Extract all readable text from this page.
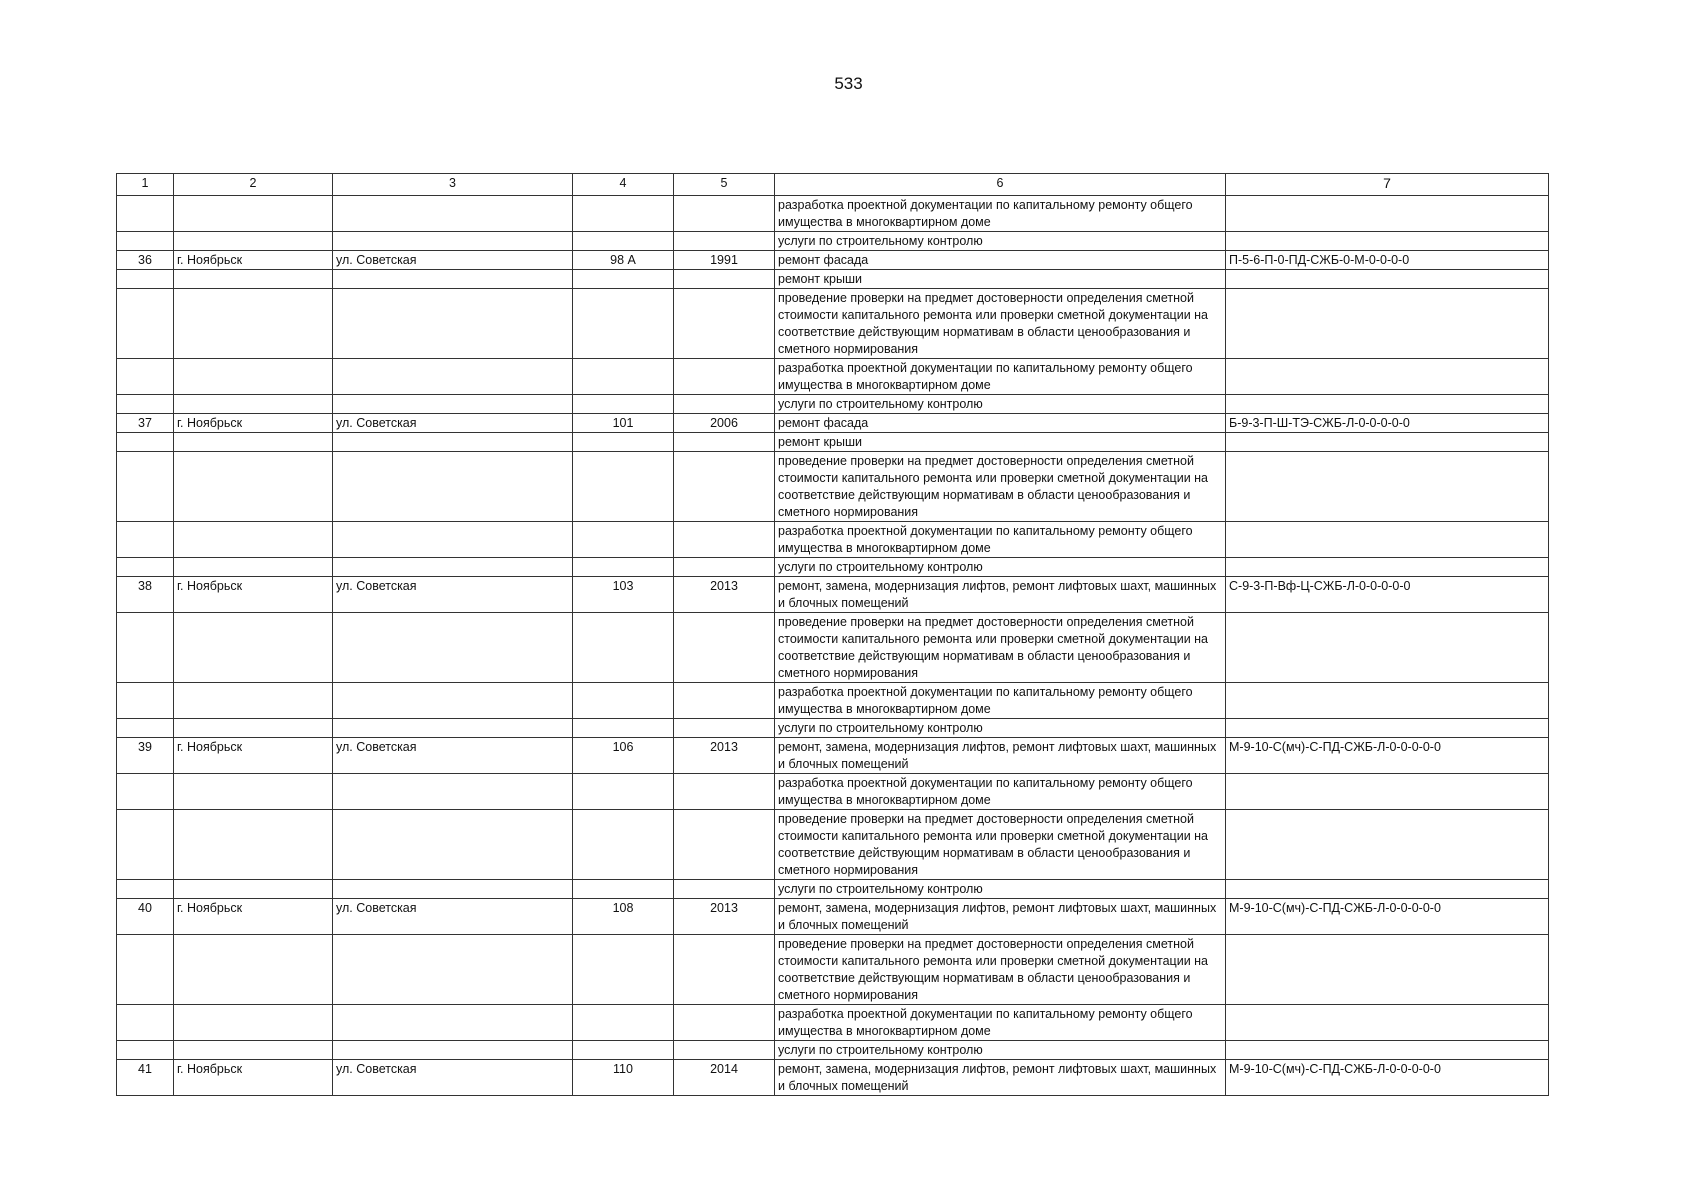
533
1	2	3	4	5	6	7
					разработка проектной документации по капитальному ремонту общего имущества в многоквартирном доме	
					услуги по строительному контролю	
36	г. Ноябрьск	ул. Советская	98 А	1991	ремонт фасада	П-5-6-П-0-ПД-СЖБ-0-М-0-0-0-0
					ремонт крыши	
					проведение проверки на предмет достоверности определения сметной стоимости капитального ремонта или проверки сметной документации на соответствие действующим нормативам в области ценообразования и сметного нормирования	
					разработка проектной документации по капитальному ремонту общего имущества в многоквартирном доме	
					услуги по строительному контролю	
37	г. Ноябрьск	ул. Советская	101	2006	ремонт фасада	Б-9-3-П-Ш-ТЭ-СЖБ-Л-0-0-0-0-0
					ремонт крыши	
					проведение проверки на предмет достоверности определения сметной стоимости капитального ремонта или проверки сметной документации на соответствие действующим нормативам в области ценообразования и сметного нормирования	
					разработка проектной документации по капитальному ремонту общего имущества в многоквартирном доме	
					услуги по строительному контролю	
38	г. Ноябрьск	ул. Советская	103	2013	ремонт, замена, модернизация лифтов, ремонт лифтовых шахт, машинных и блочных помещений	С-9-3-П-Вф-Ц-СЖБ-Л-0-0-0-0-0
					проведение проверки на предмет достоверности определения сметной стоимости капитального ремонта или проверки сметной документации на соответствие действующим нормативам в области ценообразования и сметного нормирования	
					разработка проектной документации по капитальному ремонту общего имущества в многоквартирном доме	
					услуги по строительному контролю	
39	г. Ноябрьск	ул. Советская	106	2013	ремонт, замена, модернизация лифтов, ремонт лифтовых шахт, машинных и блочных помещений	М-9-10-С(мч)-С-ПД-СЖБ-Л-0-0-0-0-0
					разработка проектной документации по капитальному ремонту общего имущества в многоквартирном доме	
					проведение проверки на предмет достоверности определения сметной стоимости капитального ремонта или проверки сметной документации на соответствие действующим нормативам в области ценообразования и сметного нормирования	
					услуги по строительному контролю	
40	г. Ноябрьск	ул. Советская	108	2013	ремонт, замена, модернизация лифтов, ремонт лифтовых шахт, машинных и блочных помещений	М-9-10-С(мч)-С-ПД-СЖБ-Л-0-0-0-0-0
					проведение проверки на предмет достоверности определения сметной стоимости капитального ремонта или проверки сметной документации на соответствие действующим нормативам в области ценообразования и сметного нормирования	
					разработка проектной документации по капитальному ремонту общего имущества в многоквартирном доме	
					услуги по строительному контролю	
41	г. Ноябрьск	ул. Советская	110	2014	ремонт, замена, модернизация лифтов, ремонт лифтовых шахт, машинных и блочных помещений	М-9-10-С(мч)-С-ПД-СЖБ-Л-0-0-0-0-0
